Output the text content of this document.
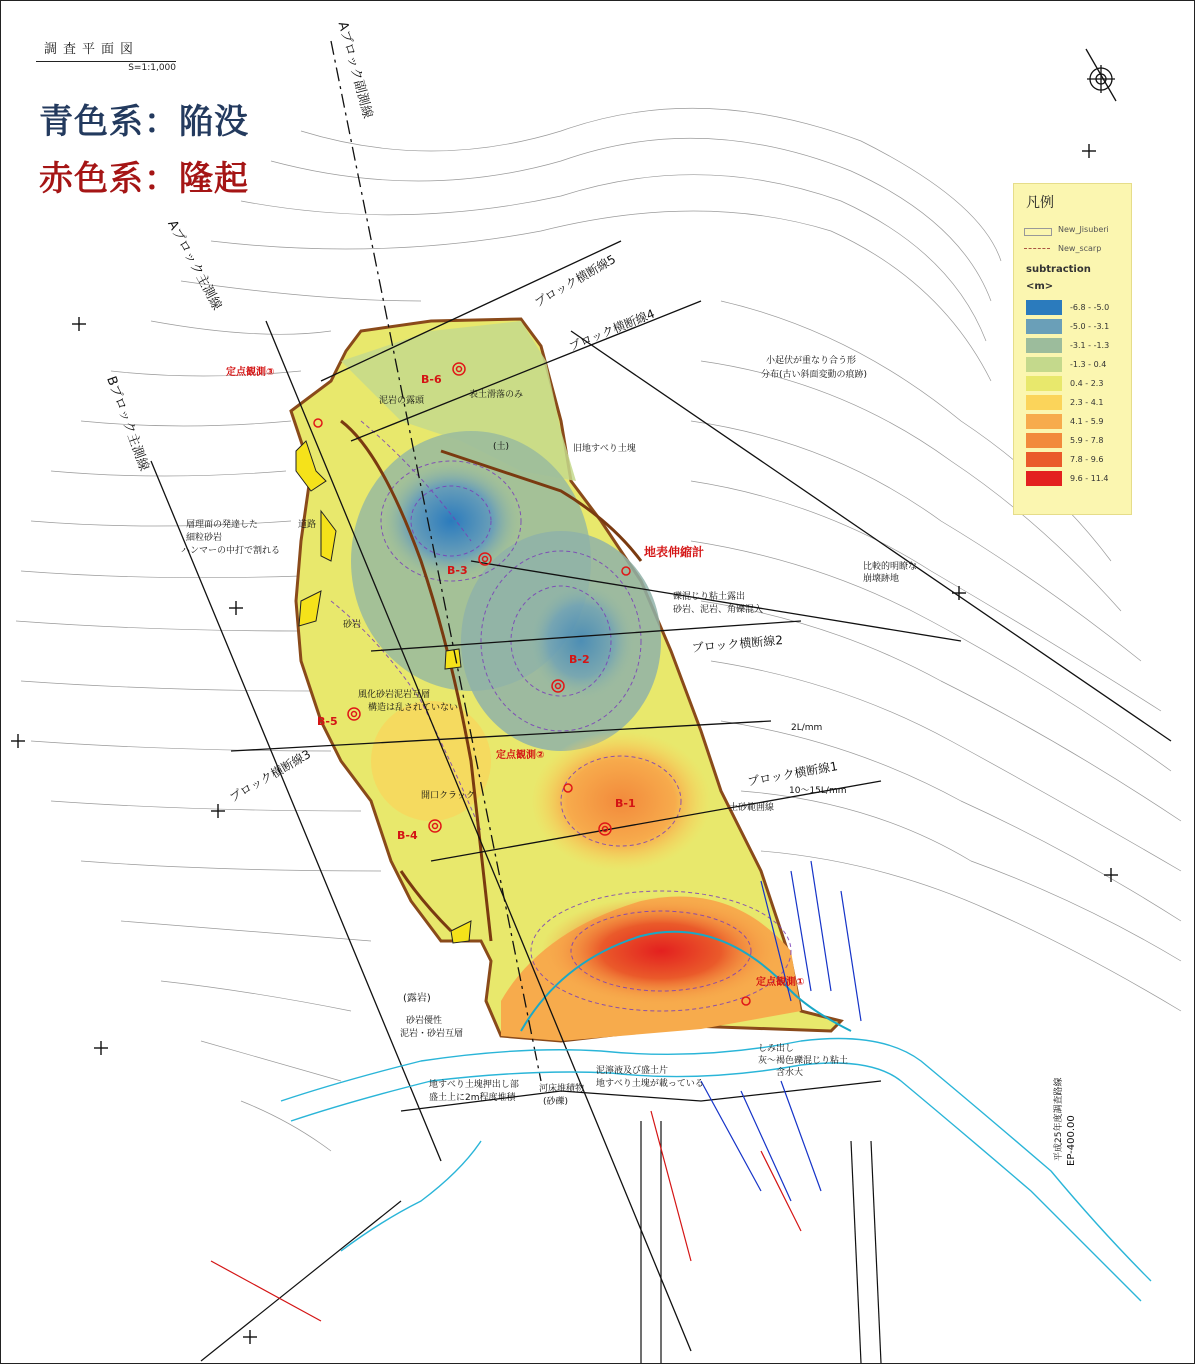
調査平面図
S=1:1,000
青色系：陥没
赤色系：隆起
凡例
New_Jisuberi
New_scarp
subtraction
<m>
-6.8 - -5.0
-5.0 - -3.1
-3.1 - -1.3
-1.3 - 0.4
0.4 - 2.3
2.3 - 4.1
4.1 - 5.9
5.9 - 7.8
7.8 - 9.6
9.6 - 11.4
Aブロック副測線
Aブロック主測線
Bブロック主測線
ブロック横断線5
ブロック横断線4
ブロック横断線3
ブロック横断線2
ブロック横断線1
B-6
B-3
B-2
B-5
B-1
B-4
定点観測③
定点観測②
定点観測①
地表伸縮計
泥岩の露頭
表土滑落のみ
(土)	旧地すべり土塊
小起伏が重なり合う形
分布(古い斜面変動の痕跡)
層理面の発達した
細粒砂岩
ハンマーの中打で割れる
道路
砂岩
比較的明瞭な
崩壊跡地
礫混じり粘土露出
砂岩、泥岩、角礫混入
風化砂岩泥岩互層
構造は乱されていない
開口クラック
2L/mm
10〜15L/mm
土砂範囲線
(露岩)
砂岩優性
泥岩・砂岩互層
地すべり土塊押出し部
盛土上に2m程度堆積
河床堆積物
(砂礫)
泥濘液及び盛土片
地すべり土塊が載っている
しみ出し
灰〜褐色礫混じり粘土
含水大
平成25年度調査路線 EP-400.00
